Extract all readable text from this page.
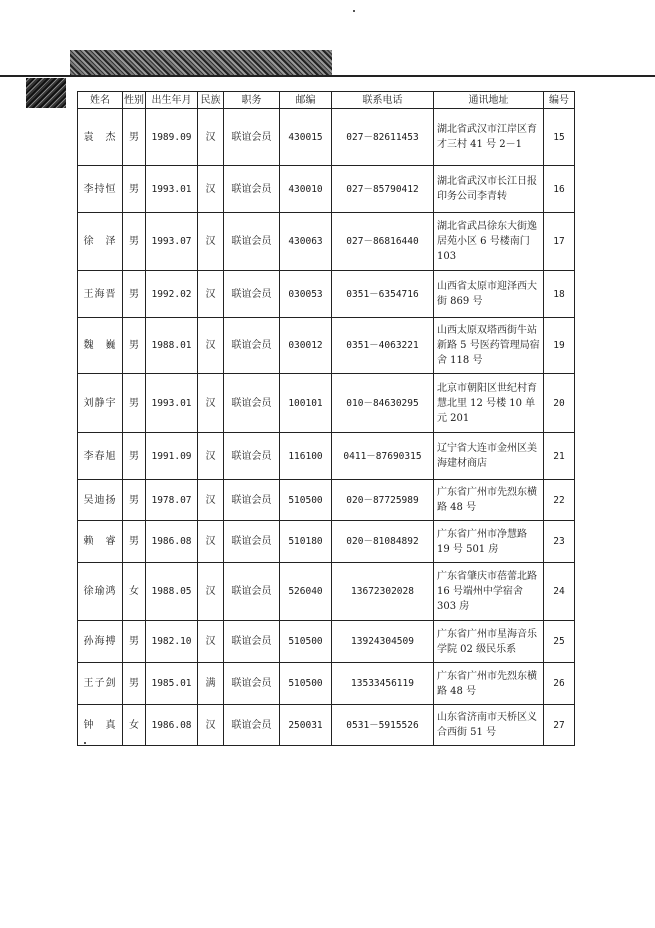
姓名	性别	出生年月	民族	职务	邮编	联系电话	通讯地址	编号
袁　杰	男	1989.09	汉	联谊会员	430015	027－82611453	湖北省武汉市江岸区育才三村 41 号 2－1	15
李持恒	男	1993.01	汉	联谊会员	430010	027－85790412	湖北省武汉市长江日报印务公司李青转	16
徐　泽	男	1993.07	汉	联谊会员	430063	027－86816440	湖北省武昌徐东大街逸居苑小区 6 号楼南门 103	17
王海晋	男	1992.02	汉	联谊会员	030053	0351－6354716	山西省太原市迎泽西大街 869 号	18
魏　巍	男	1988.01	汉	联谊会员	030012	0351－4063221	山西太原双塔西街牛站新路 5 号医药管理局宿舍 118 号	19
刘静宇	男	1993.01	汉	联谊会员	100101	010－84630295	北京市朝阳区世纪村育慧北里 12 号楼 10 单元 201	20
李春旭	男	1991.09	汉	联谊会员	116100	0411－87690315	辽宁省大连市金州区美海建材商店	21
吴迪扬	男	1978.07	汉	联谊会员	510500	020－87725989	广东省广州市先烈东横路 48 号	22
赖　睿	男	1986.08	汉	联谊会员	510180	020－81084892	广东省广州市净慧路 19 号 501 房	23
徐瑜鸿	女	1988.05	汉	联谊会员	526040	13672302028	广东省肇庆市蓓蕾北路 16 号端州中学宿舍 303 房	24
孙海搏	男	1982.10	汉	联谊会员	510500	13924304509	广东省广州市星海音乐学院 02 级民乐系	25
王子剑	男	1985.01	满	联谊会员	510500	13533456119	广东省广州市先烈东横路 48 号	26
钟　真	女	1986.08	汉	联谊会员	250031	0531－5915526	山东省济南市天桥区义合西街 51 号	27
